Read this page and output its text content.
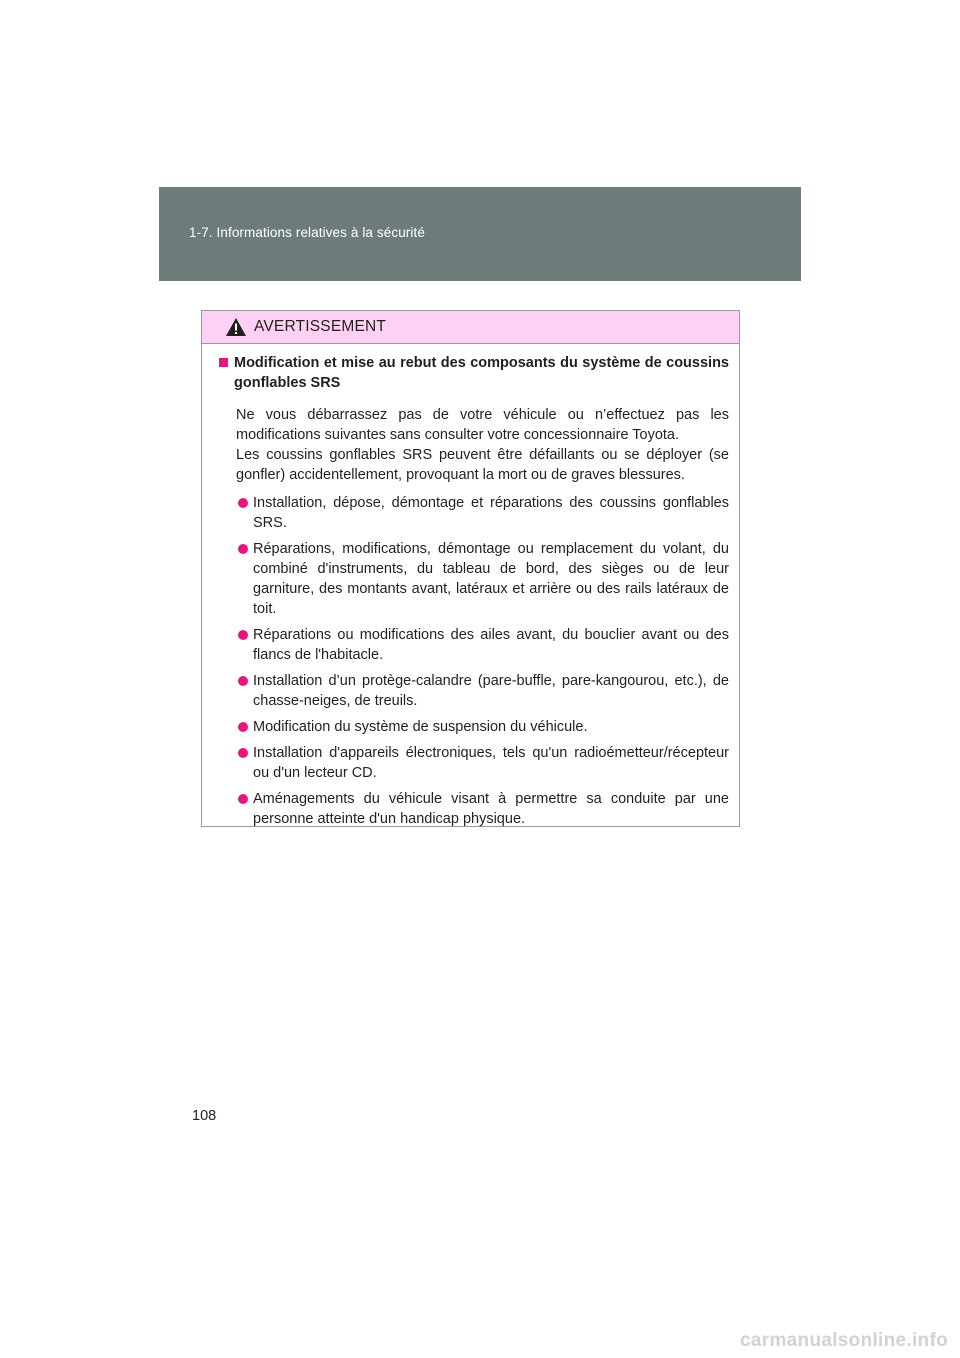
1-7. Informations relatives à la sécurité
AVERTISSEMENT
Modification et mise au rebut des composants du système de coussins gonflables SRS

Ne vous débarrassez pas de votre véhicule ou n’effectuez pas les modifications suivantes sans consulter votre concessionnaire Toyota.

Les coussins gonflables SRS peuvent être défaillants ou se déployer (se gonfler) accidentellement, provoquant la mort ou de graves blessures.

Installation, dépose, démontage et réparations des coussins gonflables SRS.
Réparations, modifications, démontage ou remplacement du volant, du combiné d'instruments, du tableau de bord, des sièges ou de leur garniture, des montants avant, latéraux et arrière ou des rails latéraux de toit.
Réparations ou modifications des ailes avant, du bouclier avant ou des flancs de l'habitacle.
Installation d’un protège-calandre (pare-buffle, pare-kangourou, etc.), de chasse-neiges, de treuils.
Modification du système de suspension du véhicule.
Installation d'appareils électroniques, tels qu'un radioémetteur/récepteur ou d'un lecteur CD.
Aménagements du véhicule visant à permettre sa conduite par une personne atteinte d'un handicap physique.
108
carmanualsonline.info
